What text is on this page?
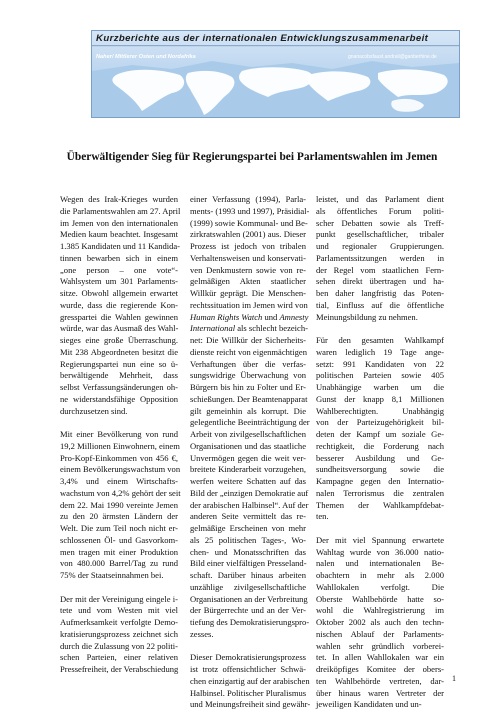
Kurzberichte aus der internationalen Entwicklungszusammenarbeit

Naher/ Mittlerer Osten und Nordafrika	gnanacobsfaust.andrali@ganberhine.de

Überwältigender Sieg für Regierungspartei bei Parlamentswahlen im Jemen

Wegen des Irak-Krieges wurden
die Parlamentswahlen am 27. April
im Jemen von den internationalen
Medien kaum beachtet. Insgesamt
1.385 Kandidaten und 11 Kandida-
tinnen bewarben sich in einem
„one person – one vote“-
Wahlsystem um 301 Parlaments-
sitze. Obwohl allgemein erwartet
wurde, dass die regierende Kon-
gresspartei die Wahlen gewinnen
würde, war das Ausmaß des Wahl-
sieges eine große Überraschung.
Mit 238 Abgeordneten besitzt die
Regierungspartei nun eine so ü-
berwältigende Mehrheit, dass
selbst Verfassungsänderungen oh-
ne widerstandsfähige Opposition
durchzusetzen sind.

Mit einer Bevölkerung von rund
19,2 Millionen Einwohnern, einem
Pro-Kopf-Einkommen von 456 €,
einem Bevölkerungswachstum von
3,4% und einem Wirtschafts-
wachstum von 4,2% gehört der seit
dem 22. Mai 1990 vereinte Jemen
zu den 20 ärmsten Ländern der
Welt. Die zum Teil noch nicht er-
schlossenen Öl- und Gasvorkom-
men tragen mit einer Produktion
von 480.000 Barrel/Tag zu rund
75% der Staatseinnahmen bei.

Der mit der Vereinigung eingele i-
tete und vom Westen mit viel
Aufmerksamkeit verfolgte Demo-
kratisierungsprozess zeichnet sich
durch die Zulassung von 22 politi-
schen Parteien, einer relativen
Pressefreiheit, der Verabschiedung

einer Verfassung (1994), Parla-
ments- (1993 und 1997), Präsidial-
(1999) sowie Kommunal- und Be-
zirkratswahlen (2001) aus. Dieser
Prozess ist jedoch von tribalen
Verhaltensweisen und konservati-
ven Denkmustern sowie von re-
gelmäßigen Akten staatlicher
Willkür geprägt. Die Menschen-
rechtssituation im Jemen wird von
Human Rights Watch und Amnesty
International als schlecht bezeich-
net: Die Willkür der Sicherheits-
dienste reicht von eigenmächtigen
Verhaftungen über die verfas-
sungswidrige Überwachung von
Bürgern bis hin zu Folter und Er-
schießungen. Der Beamtenapparat
gilt gemeinhin als korrupt. Die
gelegentliche Beeinträchtigung der
Arbeit von zivilgesellschaftlichen
Organisationen und das staatliche
Unvermögen gegen die weit ver-
breitete Kinderarbeit vorzugehen,
werfen weitere Schatten auf das
Bild der „einzigen Demokratie auf
der arabischen Halbinsel“. Auf der
anderen Seite vermittelt das re-
gelmäßige Erscheinen von mehr
als 25 politischen Tages-, Wo-
chen- und Monatsschriften das
Bild einer vielfältigen Presseland-
schaft. Darüber hinaus arbeiten
unzählige zivilgesellschaftliche
Organisationen an der Verbreitung
der Bürgerrechte und an der Ver-
tiefung des Demokratisierungspro-
zesses.

Dieser Demokratisierungsprozess
ist trotz offensichtlicher Schwä-
chen einzigartig auf der arabischen
Halbinsel. Politischer Pluralismus
und Meinungsfreiheit sind gewähr-

leistet, und das Parlament dient
als öffentliches Forum politi-
scher Debatten sowie als Treff-
punkt gesellschaftlicher, tribaler
und regionaler Gruppierungen.
Parlamentssitzungen werden in
der Regel vom staatlichen Fern-
sehen direkt übertragen und ha-
ben daher langfristig das Poten-
tial, Einfluss auf die öffentliche
Meinungsbildung zu nehmen.

Für den gesamten Wahlkampf
waren lediglich 19 Tage ange-
setzt: 991 Kandidaten von 22
politischen Parteien sowie 405
Unabhängige warben um die
Gunst der knapp 8,1 Millionen
Wahlberechtigten. Unabhängig
von der Parteizugehörigkeit bil-
deten der Kampf um soziale Ge-
rechtigkeit, die Forderung nach
besserer Ausbildung und Ge-
sundheitsversorgung sowie die
Kampagne gegen den Internatio-
nalen Terrorismus die zentralen
Themen der Wahlkampfdebat-
ten.

Der mit viel Spannung erwartete
Wahltag wurde von 36.000 natio-
nalen und internationalen Be-
obachtern in mehr als 2.000
Wahllokalen verfolgt. Die
Oberste Wahlbehörde hatte so-
wohl die Wahlregistrierung im
Oktober 2002 als auch den techn-
nischen Ablauf der Parlaments-
wahlen sehr gründlich vorberei-
tet. In allen Wahllokalen war ein
dreiköpfiges Komitee der obers-
ten Wahlbehörde vertreten, dar-
über hinaus waren Vertreter der
jeweiligen Kandidaten und un-

1
